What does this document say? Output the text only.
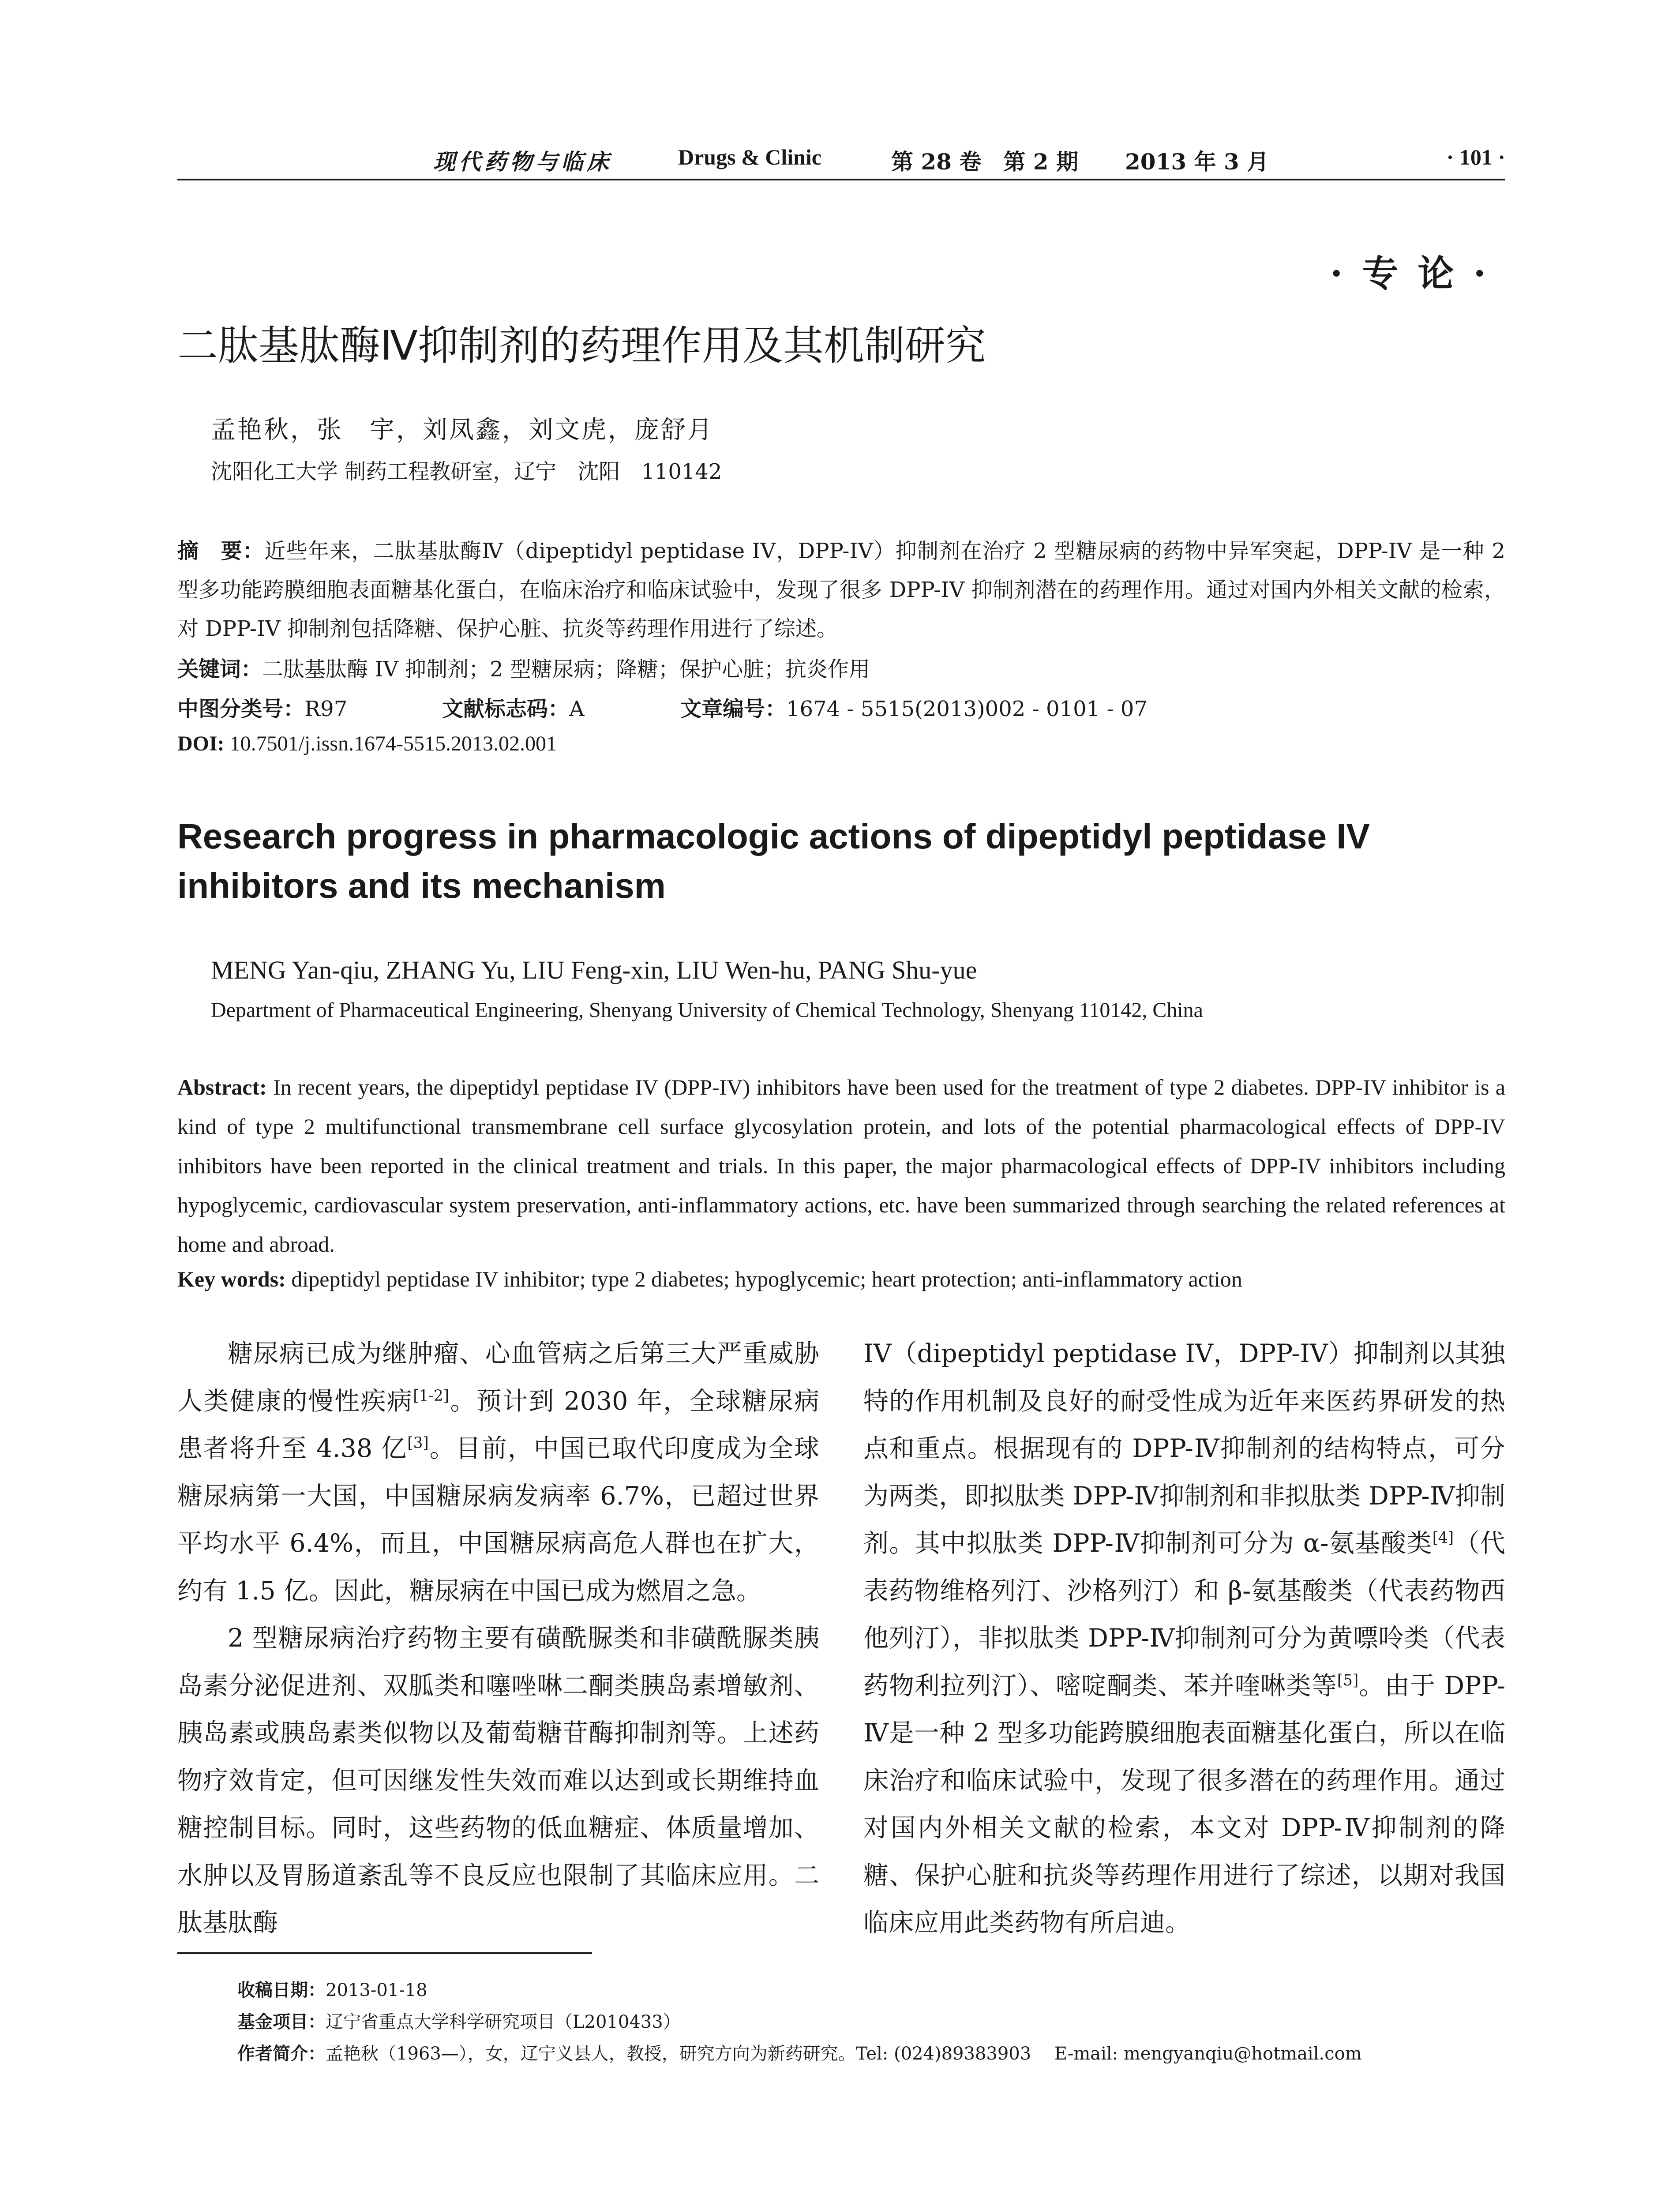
现代药物与临床	Drugs & Clinic	第 28 卷　第 2 期 2013 年 3 月	· 101 ·
·专论·
二肽基肽酶Ⅳ抑制剂的药理作用及其机制研究
孟艳秋，张　宇，刘凤鑫，刘文虎，庞舒月
沈阳化工大学 制药工程教研室，辽宁　沈阳　110142
摘　要：近些年来，二肽基肽酶Ⅳ（dipeptidyl peptidase IV，DPP-IV）抑制剂在治疗 2 型糖尿病的药物中异军突起，DPP-IV 是一种 2 型多功能跨膜细胞表面糖基化蛋白，在临床治疗和临床试验中，发现了很多 DPP-IV 抑制剂潜在的药理作用。通过对国内外相关文献的检索，对 DPP-IV 抑制剂包括降糖、保护心脏、抗炎等药理作用进行了综述。
关键词：二肽基肽酶 IV 抑制剂；2 型糖尿病；降糖；保护心脏；抗炎作用
中图分类号：R97	文献标志码：A	文章编号：1674 - 5515(2013)002 - 0101 - 07
DOI: 10.7501/j.issn.1674-5515.2013.02.001
Research progress in pharmacologic actions of dipeptidyl peptidase IV inhibitors and its mechanism
MENG Yan-qiu, ZHANG Yu, LIU Feng-xin, LIU Wen-hu, PANG Shu-yue
Department of Pharmaceutical Engineering, Shenyang University of Chemical Technology, Shenyang 110142, China
Abstract: In recent years, the dipeptidyl peptidase IV (DPP-IV) inhibitors have been used for the treatment of type 2 diabetes. DPP-IV inhibitor is a kind of type 2 multifunctional transmembrane cell surface glycosylation protein, and lots of the potential pharmacological effects of DPP-IV inhibitors have been reported in the clinical treatment and trials. In this paper, the major pharmacological effects of DPP-IV inhibitors including hypoglycemic, cardiovascular system preservation, anti-inflammatory actions, etc. have been summarized through searching the related references at home and abroad.
Key words: dipeptidyl peptidase IV inhibitor; type 2 diabetes; hypoglycemic; heart protection; anti-inflammatory action

糖尿病已成为继肿瘤、心血管病之后第三大严重威胁人类健康的慢性疾病[1-2]。预计到 2030 年，全球糖尿病患者将升至 4.38 亿[3]。目前，中国已取代印度成为全球糖尿病第一大国，中国糖尿病发病率 6.7%，已超过世界平均水平 6.4%，而且，中国糖尿病高危人群也在扩大，约有 1.5 亿。因此，糖尿病在中国已成为燃眉之急。

2 型糖尿病治疗药物主要有磺酰脲类和非磺酰脲类胰岛素分泌促进剂、双胍类和噻唑啉二酮类胰岛素增敏剂、胰岛素或胰岛素类似物以及葡萄糖苷酶抑制剂等。上述药物疗效肯定，但可因继发性失效而难以达到或长期维持血糖控制目标。同时，这些药物的低血糖症、体质量增加、水肿以及胃肠道紊乱等不良反应也限制了其临床应用。二肽基肽酶

IV（dipeptidyl peptidase IV，DPP-IV）抑制剂以其独特的作用机制及良好的耐受性成为近年来医药界研发的热点和重点。根据现有的 DPP-Ⅳ抑制剂的结构特点，可分为两类，即拟肽类 DPP-Ⅳ抑制剂和非拟肽类 DPP-Ⅳ抑制剂。其中拟肽类 DPP-Ⅳ抑制剂可分为 α-氨基酸类[4]（代表药物维格列汀、沙格列汀）和 β-氨基酸类（代表药物西他列汀），非拟肽类 DPP-Ⅳ抑制剂可分为黄嘌呤类（代表药物利拉列汀）、嘧啶酮类、苯并喹啉类等[5]。由于 DPP-Ⅳ是一种 2 型多功能跨膜细胞表面糖基化蛋白，所以在临床治疗和临床试验中，发现了很多潜在的药理作用。通过对国内外相关文献的检索，本文对 DPP-Ⅳ抑制剂的降糖、保护心脏和抗炎等药理作用进行了综述，以期对我国临床应用此类药物有所启迪。

收稿日期：2013-01-18
基金项目：辽宁省重点大学科学研究项目（L2010433）
作者简介：孟艳秋（1963—），女，辽宁义县人，教授，研究方向为新药研究。Tel: (024)89383903　 E-mail: mengyanqiu@hotmail.com
